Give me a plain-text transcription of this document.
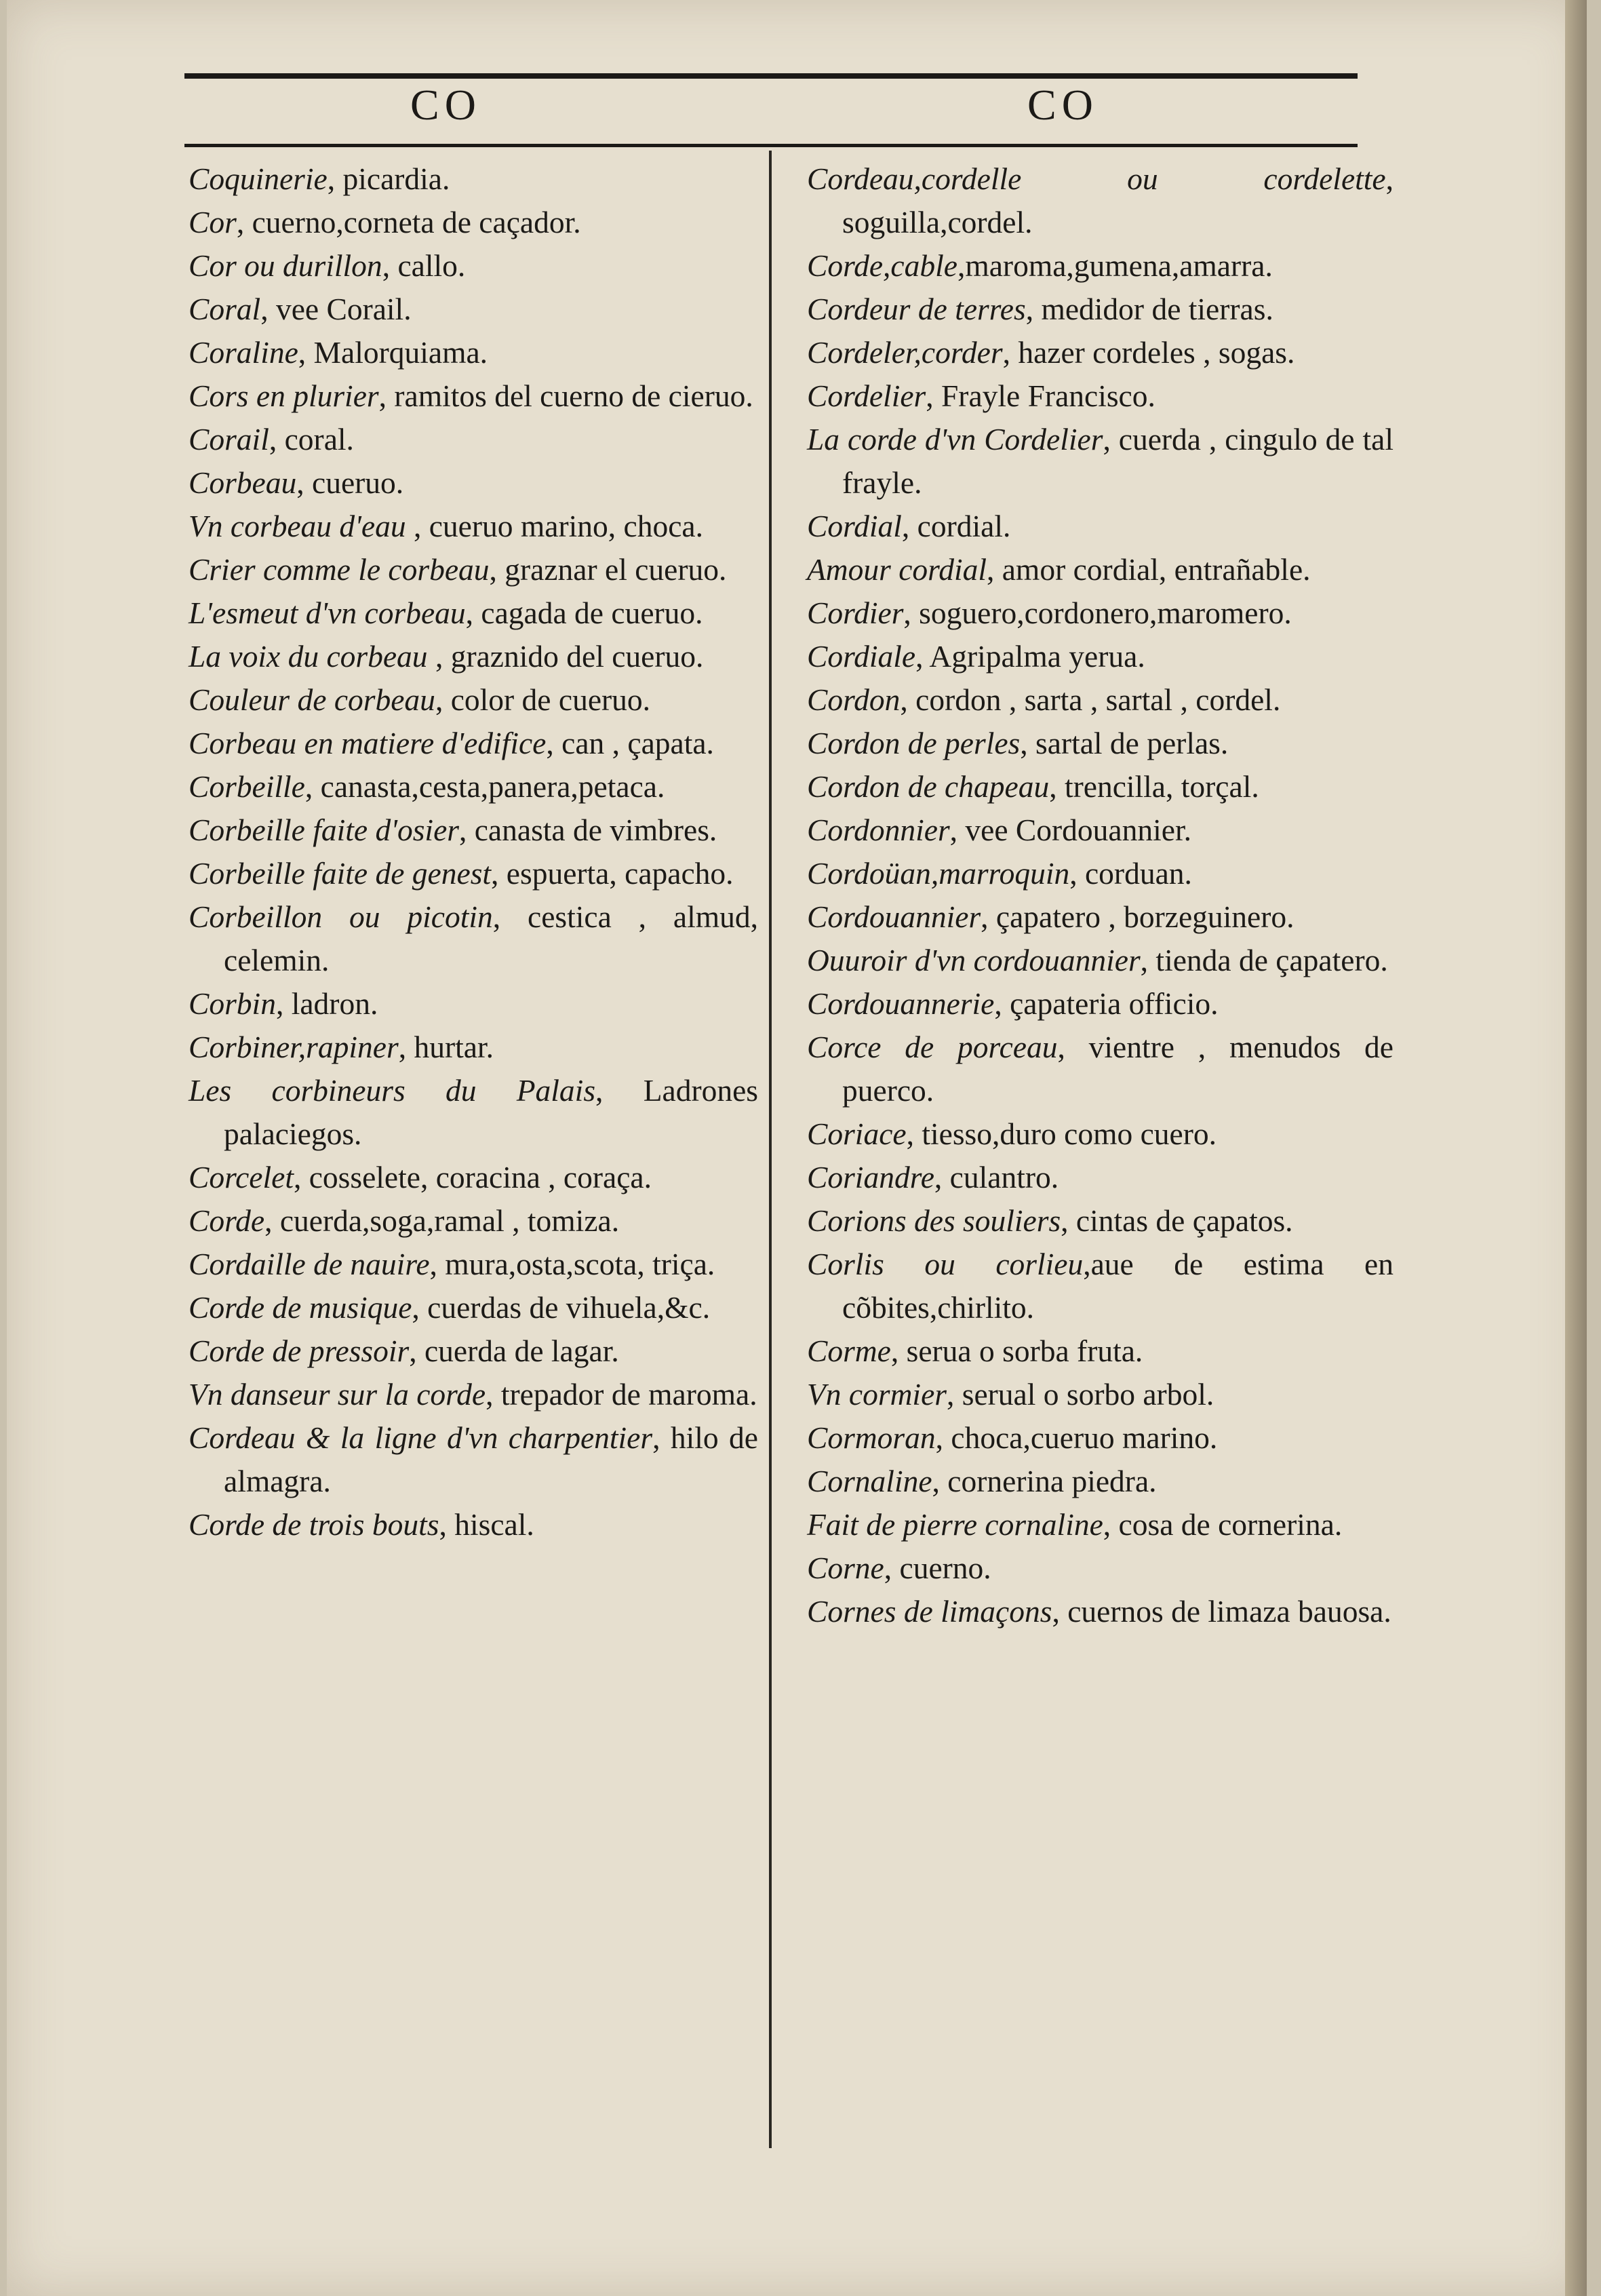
CO	CO

Coquinerie, picardia.

Cor, cuerno,corneta de caçador.

Cor ou durillon, callo.

Coral, vee Corail.

Coraline, Malorquiama.

Cors en plurier, ramitos del cuerno de cieruo.

Corail, coral.

Corbeau, cueruo.

Vn corbeau d'eau , cueruo marino, choca.

Crier comme le corbeau, graznar el cueruo.

L'esmeut d'vn corbeau, cagada de cueruo.

La voix du corbeau , graznido del cueruo.

Couleur de corbeau, color de cueruo.

Corbeau en matiere d'edifice, can , çapata.

Corbeille, canasta,cesta,panera,petaca.

Corbeille faite d'osier, canasta de vimbres.

Corbeille faite de genest, espuerta, capacho.

Corbeillon ou picotin, cestica , almud, celemin.

Corbin, ladron.

Corbiner,rapiner, hurtar.

Les corbineurs du Palais, Ladrones palaciegos.

Corcelet, cosselete, coracina , coraça.

Corde, cuerda,soga,ramal , tomiza.

Cordaille de nauire, mura,osta,scota, triça.

Corde de musique, cuerdas de vihuela,&c.

Corde de pressoir, cuerda de lagar.

Vn danseur sur la corde, trepador de maroma.

Cordeau & la ligne d'vn charpentier, hilo de almagra.

Corde de trois bouts, hiscal.

Cordeau,cordelle ou cordelette, soguilla,cordel.

Corde,cable,maroma,gumena,amarra.

Cordeur de terres, medidor de tierras.

Cordeler,corder, hazer cordeles , sogas.

Cordelier, Frayle Francisco.

La corde d'vn Cordelier, cuerda , cingulo de tal frayle.

Cordial, cordial.

Amour cordial, amor cordial, entrañable.

Cordier, soguero,cordonero,maromero.

Cordiale, Agripalma yerua.

Cordon, cordon , sarta , sartal , cordel.

Cordon de perles, sartal de perlas.

Cordon de chapeau, trencilla, torçal.

Cordonnier, vee Cordouannier.

Cordoüan,marroquin, corduan.

Cordouannier, çapatero , borzeguinero.

Ouuroir d'vn cordouannier, tienda de çapatero.

Cordouannerie, çapateria officio.

Corce de porceau, vientre , menudos de puerco.

Coriace, tiesso,duro como cuero.

Coriandre, culantro.

Corions des souliers, cintas de çapatos.

Corlis ou corlieu,aue de estima en cõbites,chirlito.

Corme, serua o sorba fruta.

Vn cormier, serual o sorbo arbol.

Cormoran, choca,cueruo marino.

Cornaline, cornerina piedra.

Fait de pierre cornaline, cosa de cornerina.

Corne, cuerno.

Cornes de limaçons, cuernos de limaza bauosa.
